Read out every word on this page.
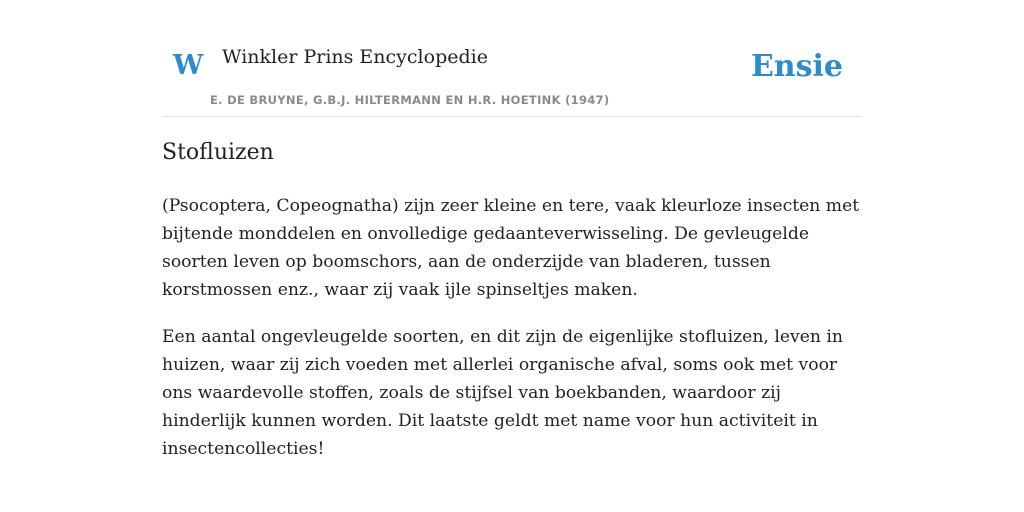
W Winkler Prins Encyclopedie
E. DE BRUYNE, G.B.J. HILTERMANN EN H.R. HOETINK (1947)
Ensie
Stofluizen

(Psocoptera, Copeognatha) zijn zeer kleine en tere, vaak kleurloze insecten met bijtende monddelen en onvolledige gedaanteverwisseling. De gevleugelde soorten leven op boomschors, aan de onderzijde van bladeren, tussen korstmossen enz., waar zij vaak ijle spinseltjes maken.

Een aantal ongevleugelde soorten, en dit zijn de eigenlijke stofluizen, leven in huizen, waar zij zich voeden met allerlei organische afval, soms ook met voor ons waardevolle stoffen, zoals de stijfsel van boekbanden, waardoor zij hinderlijk kunnen worden. Dit laatste geldt met name voor hun activiteit in insectencollecties!
